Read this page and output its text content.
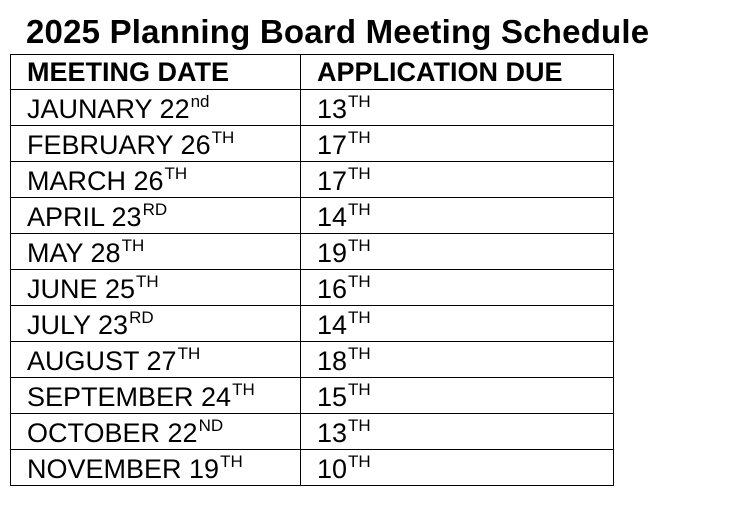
2025 Planning Board Meeting Schedule
MEETING DATE	APPLICATION DUE
JAUNARY 22nd	13TH
FEBRUARY 26TH	17TH
MARCH 26TH	17TH
APRIL 23RD	14TH
MAY 28TH	19TH
JUNE 25TH	16TH
JULY 23RD	14TH
AUGUST 27TH	18TH
SEPTEMBER 24TH	15TH
OCTOBER 22ND	13TH
NOVEMBER 19TH	10TH
